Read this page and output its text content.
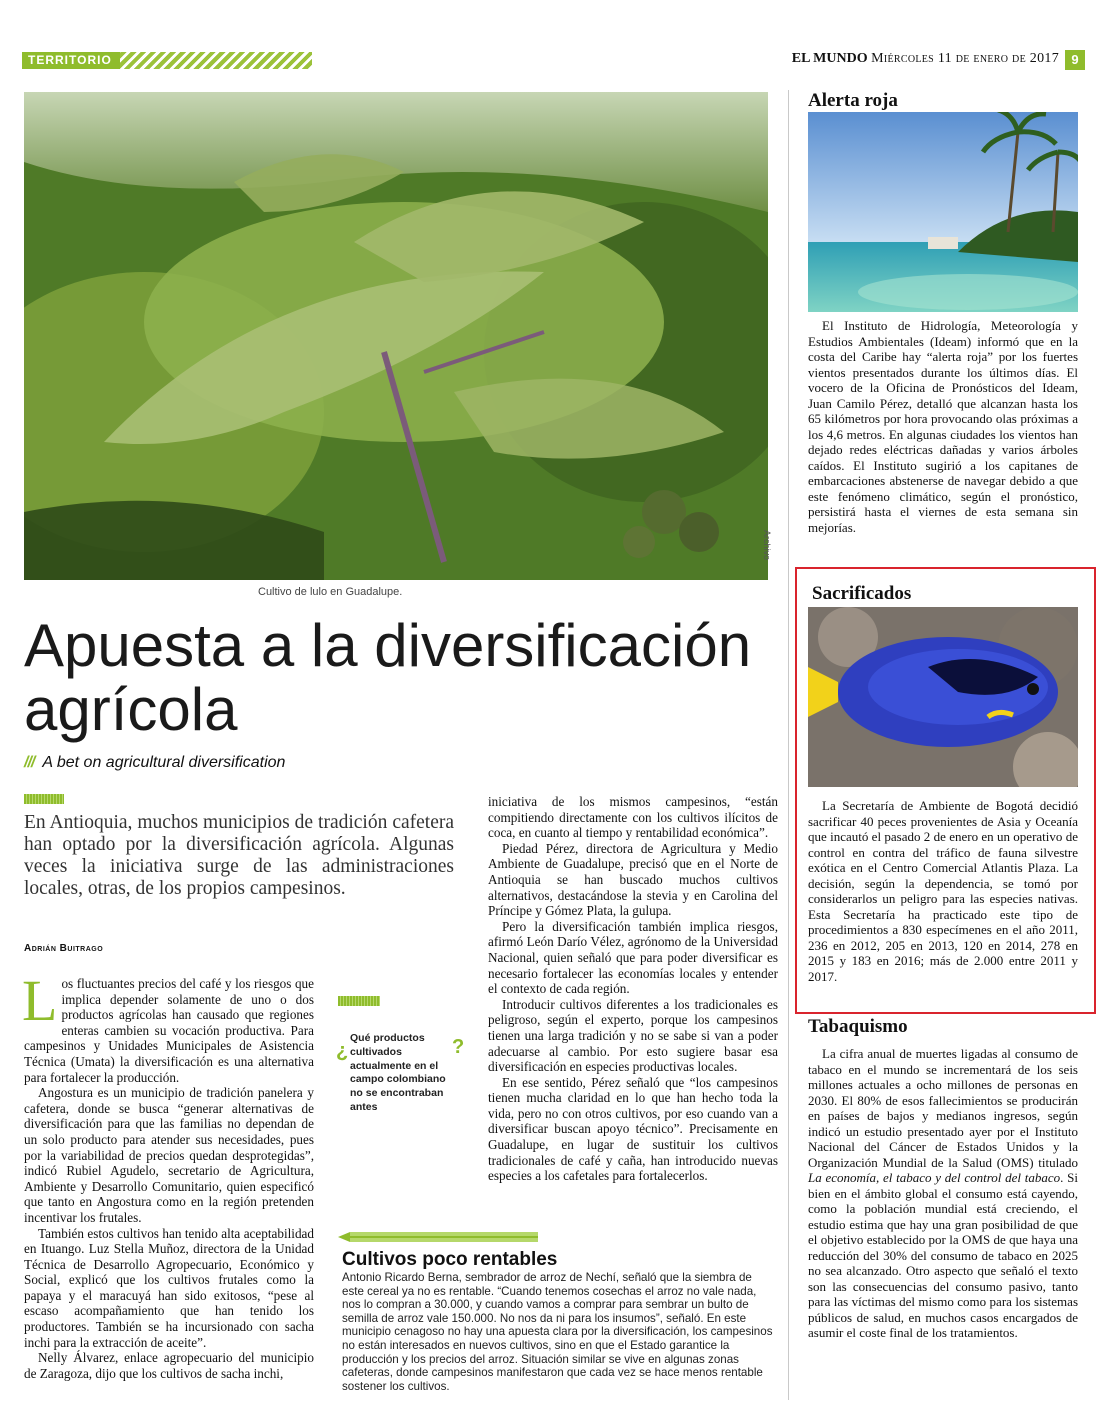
TERRITORIO	EL MUNDO Miércoles 11 de enero de 2017 9
Cultivo de lulo en Guadalupe.
Archivo
Apuesta a la diversificación agrícola
/// A bet on agricultural diversification
En Antioquia, muchos municipios de tradición cafetera han optado por la diversificación agrícola. Algunas veces la iniciativa surge de las administraciones locales, otras, de los propios campesinos.
Adrián Buitrago

Los fluctuantes precios del café y los riesgos que implica depender solamente de uno o dos productos agrícolas han causado que regiones enteras cambien su vocación productiva. Para campesinos y Unidades Municipales de Asistencia Técnica (Umata) la diversificación es una alternativa para fortalecer la producción.

Angostura es un municipio de tradición panelera y cafetera, donde se busca “generar alternativas de diversificación para que las familias no dependan de un solo producto para atender sus necesidades, pues por la variabilidad de precios quedan desprotegidas”, indicó Rubiel Agudelo, secretario de Agricultura, Ambiente y Desarrollo Comunitario, quien especificó que tanto en Angostura como en la región pretenden incentivar los frutales.

También estos cultivos han tenido alta aceptabilidad en Ituango. Luz Stella Muñoz, directora de la Unidad Técnica de Desarrollo Agropecuario, Económico y Social, explicó que los cultivos frutales como la papaya y el maracuyá han sido exitosos, “pese al escaso acompañamiento que han tenido los productores. También se ha incursionado con sacha inchi para la extracción de aceite”.

Nelly Álvarez, enlace agropecuario del municipio de Zaragoza, dijo que los cultivos de sacha inchi,

¿
Qué productos cultivados actualmente en el campo colombiano no se encontraban antes
?

iniciativa de los mismos campesinos, “están compitiendo directamente con los cultivos ilícitos de coca, en cuanto al tiempo y rentabilidad económica”.

Piedad Pérez, directora de Agricultura y Medio Ambiente de Guadalupe, precisó que en el Norte de Antioquia se han buscado muchos cultivos alternativos, destacándose la stevia y en Carolina del Príncipe y Gómez Plata, la gulupa.

Pero la diversificación también implica riesgos, afirmó León Darío Vélez, agrónomo de la Universidad Nacional, quien señaló que para poder diversificar es necesario fortalecer las economías locales y entender el contexto de cada región.

Introducir cultivos diferentes a los tradicionales es peligroso, según el experto, porque los campesinos tienen una larga tradición y no se sabe si van a poder adecuarse al cambio. Por esto sugiere basar esa diversificación en especies productivas locales.

En ese sentido, Pérez señaló que “los campesinos tienen mucha claridad en lo que han hecho toda la vida, pero no con otros cultivos, por eso cuando van a diversificar buscan apoyo técnico”. Precisamente en Guadalupe, en lugar de sustituir los cultivos tradicionales de café y caña, han introducido nuevas especies a los cafetales para fortalecerlos.

Cultivos poco rentables
Antonio Ricardo Berna, sembrador de arroz de Nechí, señaló que la siembra de este cereal ya no es rentable. “Cuando tenemos cosechas el arroz no vale nada, nos lo compran a 30.000, y cuando vamos a comprar para sembrar un bulto de semilla de arroz vale 150.000. No nos da ni para los insumos”, señaló. En este municipio cenagoso no hay una apuesta clara por la diversificación, los campesinos no están interesados en nuevos cultivos, sino en que el Estado garantice la producción y los precios del arroz. Situación similar se vive en algunas zonas cafeteras, donde campesinos manifestaron que cada vez se hace menos rentable sostener los cultivos.
Alerta roja

El Instituto de Hidrología, Meteorología y Estudios Ambientales (Ideam) informó que en la costa del Caribe hay “alerta roja” por los fuertes vientos presentados durante los últimos días. El vocero de la Oficina de Pronósticos del Ideam, Juan Camilo Pérez, detalló que alcanzan hasta los 65 kilómetros por hora provocando olas próximas a los 4,6 metros. En algunas ciudades los vientos han dejado redes eléctricas dañadas y varios árboles caídos. El Instituto sugirió a los capitanes de embarcaciones abstenerse de navegar debido a que este fenómeno climático, según el pronóstico, persistirá hasta el viernes de esta semana sin mejorías.

Sacrificados

La Secretaría de Ambiente de Bogotá decidió sacrificar 40 peces provenientes de Asia y Oceanía que incautó el pasado 2 de enero en un operativo de control en contra del tráfico de fauna silvestre exótica en el Centro Comercial Atlantis Plaza. La decisión, según la dependencia, se tomó por considerarlos un peligro para las especies nativas. Esta Secretaría ha practicado este tipo de procedimientos a 830 especímenes en el año 2011, 236 en 2012, 205 en 2013, 120 en 2014, 278 en 2015 y 183 en 2016; más de 2.000 entre 2011 y 2017.

Tabaquismo

La cifra anual de muertes ligadas al consumo de tabaco en el mundo se incrementará de los seis millones actuales a ocho millones de personas en 2030. El 80% de esos fallecimientos se producirán en países de bajos y medianos ingresos, según indicó un estudio presentado ayer por el Instituto Nacional del Cáncer de Estados Unidos y la Organización Mundial de la Salud (OMS) titulado La economía, el tabaco y del control del tabaco. Si bien en el ámbito global el consumo está cayendo, como la población mundial está creciendo, el estudio estima que hay una gran posibilidad de que el objetivo establecido por la OMS de que haya una reducción del 30% del consumo de tabaco en 2025 no sea alcanzado. Otro aspecto que señaló el texto son las consecuencias del consumo pasivo, tanto para las víctimas del mismo como para los sistemas públicos de salud, en muchos casos encargados de asumir el coste final de los tratamientos.
